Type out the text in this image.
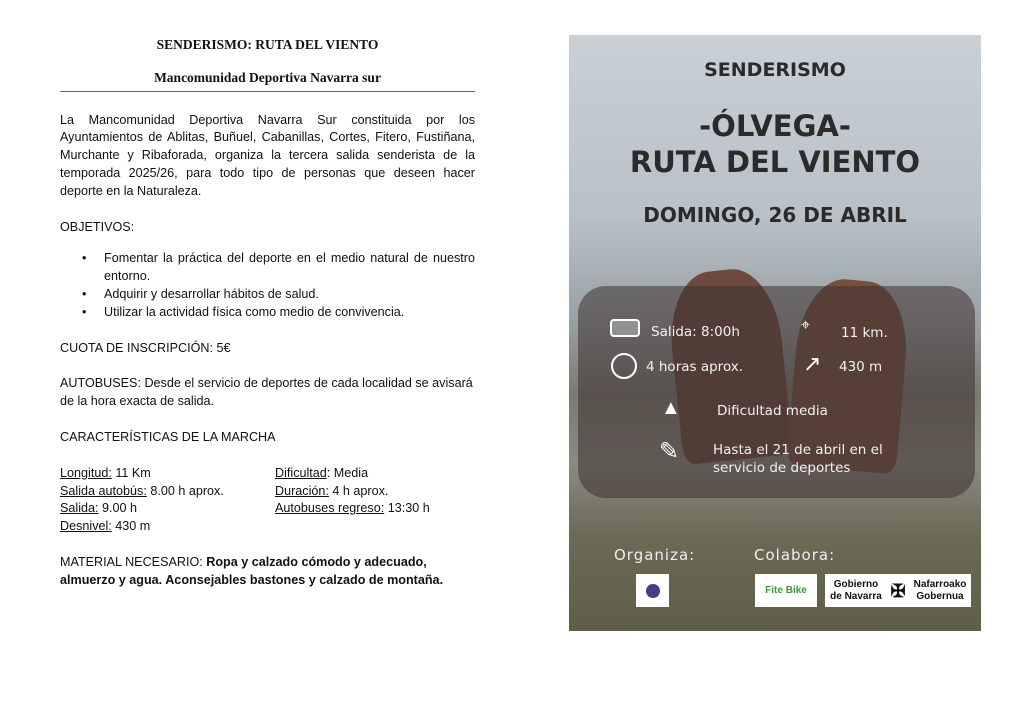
SENDERISMO: RUTA DEL VIENTO
Mancomunidad Deportiva Navarra sur

La Mancomunidad Deportiva Navarra Sur constituida por los Ayuntamientos de Ablitas, Buñuel, Cabanillas, Cortes, Fitero, Fustiñana, Murchante y Ribaforada, organiza la tercera salida senderista de la temporada 2025/26, para todo tipo de personas que deseen hacer deporte en la Naturaleza.

OBJETIVOS:

• Fomentar la práctica del deporte en el medio natural de nuestro entorno.
• Adquirir y desarrollar hábitos de salud.
• Utilizar la actividad física como medio de convivencia.

CUOTA DE INSCRIPCIÓN: 5€

AUTOBUSES: Desde el servicio de deportes de cada localidad se avisará de la hora exacta de salida.

CARACTERÍSTICAS DE LA MARCHA

Longitud: 11 Km	Dificultad: Media
Salida autobús: 8.00 h aprox.	Duración: 4 h aprox.
Salida: 9.00 h	Autobuses regreso: 13:30 h
Desnivel: 430 m

MATERIAL NECESARIO: Ropa y calzado cómodo y adecuado, almuerzo y agua. Aconsejables bastones y calzado de montaña.

SENDERISMO
-ÓLVEGA-
RUTA DEL VIENTO
DOMINGO, 26 DE ABRIL
Salida: 8:00h	⌖ 11 km.
4 horas aprox.	↗ 430 m
▲	Dificultad media
✎	Hasta el 21 de abril en el servicio de deportes
Organiza:	Colabora:
Fite Bike
Gobierno de Navarra ✠ Nafarroako Gobernua
